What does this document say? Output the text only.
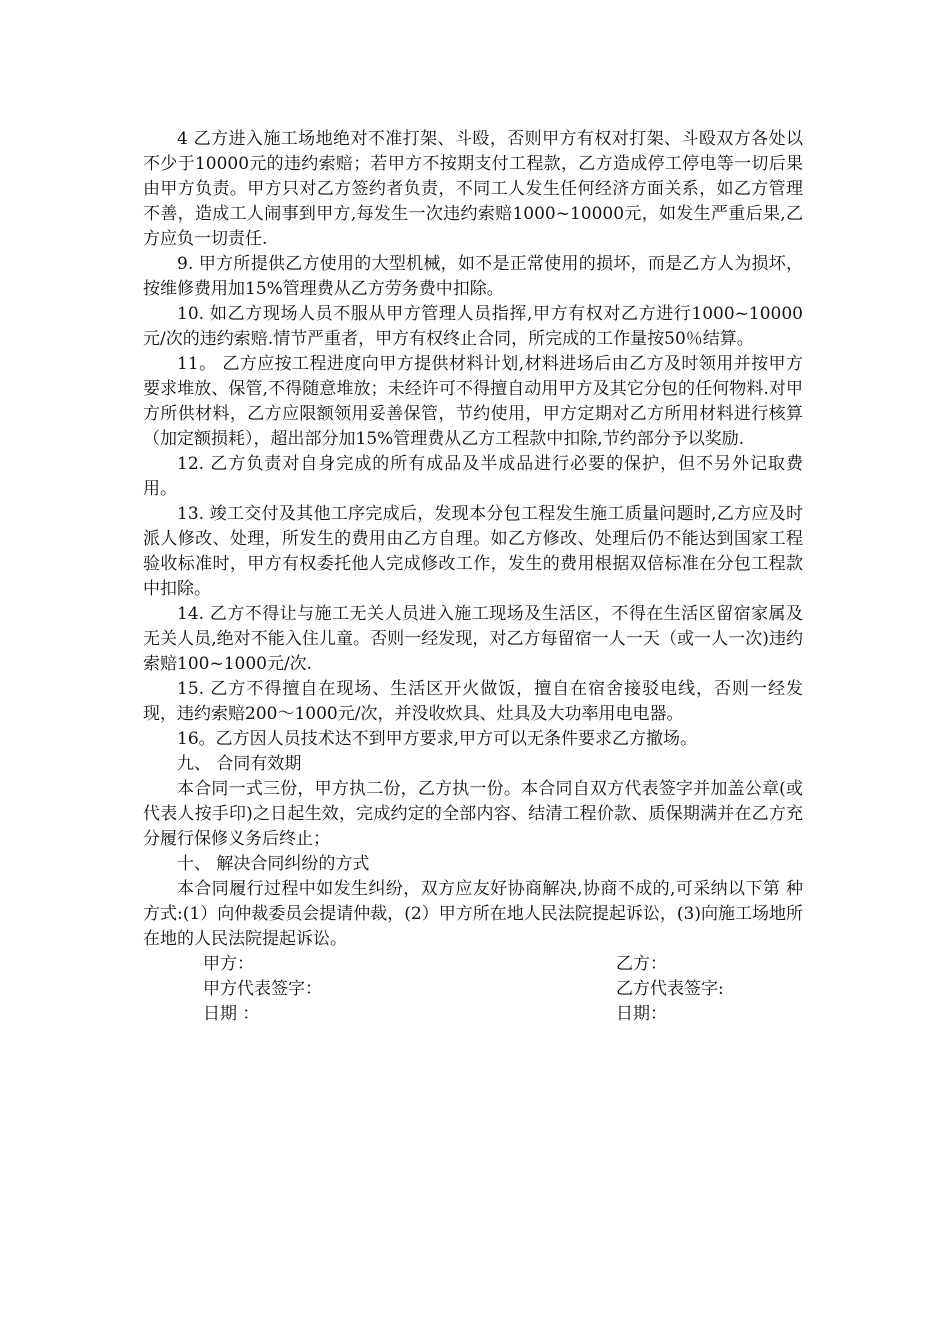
4 乙方进入施工场地绝对不准打架、斗殴，否则甲方有权对打架、斗殴双方各处以不少于10000元的违约索赔；若甲方不按期支付工程款，乙方造成停工停电等一切后果由甲方负责。甲方只对乙方签约者负责，不同工人发生任何经济方面关系，如乙方管理不善，造成工人闹事到甲方,每发生一次违约索赔1000~10000元，如发生严重后果,乙方应负一切责任.

9. 甲方所提供乙方使用的大型机械，如不是正常使用的损坏，而是乙方人为损坏，按维修费用加15%管理费从乙方劳务费中扣除。

10. 如乙方现场人员不服从甲方管理人员指挥,甲方有权对乙方进行1000~10000元/次的违约索赔.情节严重者，甲方有权终止合同，所完成的工作量按50％结算。

11。 乙方应按工程进度向甲方提供材料计划,材料进场后由乙方及时领用并按甲方要求堆放、保管,不得随意堆放；未经许可不得擅自动用甲方及其它分包的任何物料.对甲方所供材料，乙方应限额领用妥善保管，节约使用，甲方定期对乙方所用材料进行核算（加定额损耗），超出部分加15%管理费从乙方工程款中扣除,节约部分予以奖励.

12. 乙方负责对自身完成的所有成品及半成品进行必要的保护，但不另外记取费用。

13. 竣工交付及其他工序完成后，发现本分包工程发生施工质量问题时,乙方应及时派人修改、处理，所发生的费用由乙方自理。如乙方修改、处理后仍不能达到国家工程验收标准时，甲方有权委托他人完成修改工作，发生的费用根据双倍标准在分包工程款中扣除。

14. 乙方不得让与施工无关人员进入施工现场及生活区，不得在生活区留宿家属及无关人员,绝对不能入住儿童。否则一经发现，对乙方每留宿一人一天（或一人一次)违约索赔100~1000元/次.

15. 乙方不得擅自在现场、生活区开火做饭，擅自在宿舍接驳电线，否则一经发现，违约索赔200～1000元/次，并没收炊具、灶具及大功率用电电器。

16。乙方因人员技术达不到甲方要求,甲方可以无条件要求乙方撤场。

九、 合同有效期

本合同一式三份，甲方执二份，乙方执一份。本合同自双方代表签字并加盖公章(或代表人按手印)之日起生效，完成约定的全部内容、结清工程价款、质保期满并在乙方充分履行保修义务后终止；

十、 解决合同纠纷的方式

本合同履行过程中如发生纠纷，双方应友好协商解决,协商不成的,可采纳以下第 种方式:(1）向仲裁委员会提请仲裁，(2）甲方所在地人民法院提起诉讼，(3)向施工场地所在地的人民法院提起诉讼。

甲方：	乙方：
甲方代表签字：	乙方代表签字:
日期 ：	日期：
